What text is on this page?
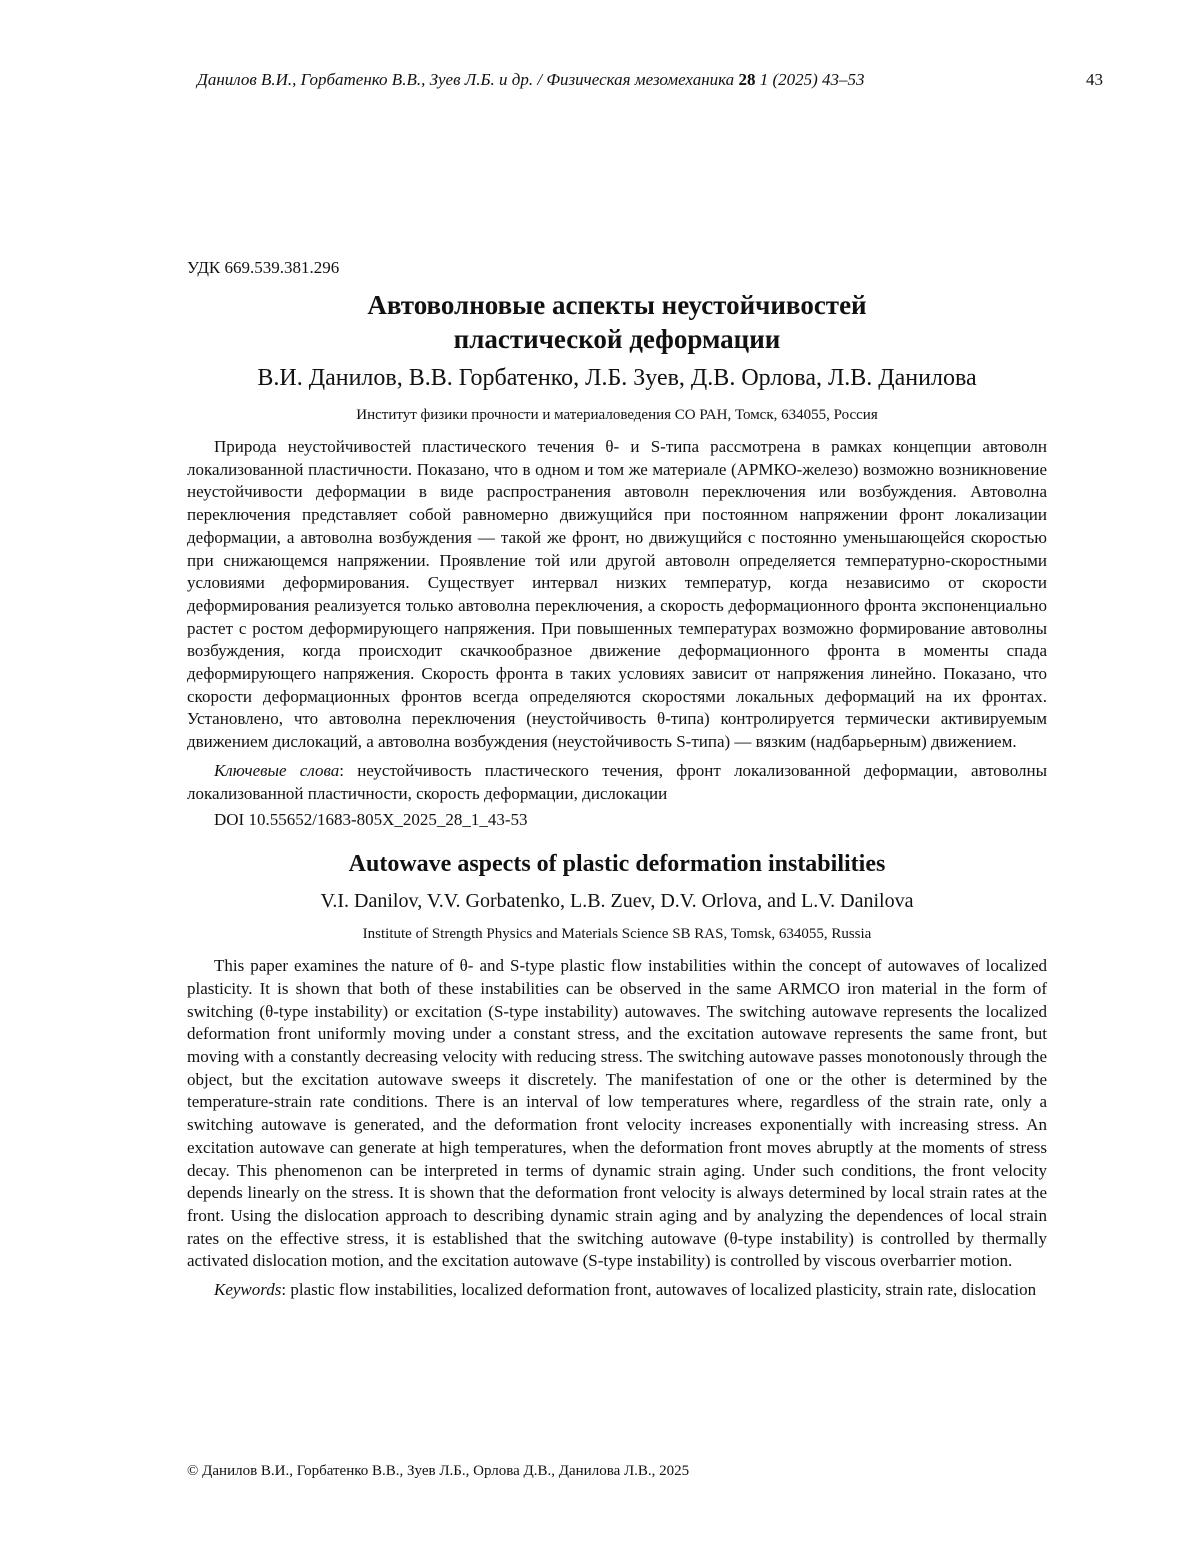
Данилов В.И., Горбатенко В.В., Зуев Л.Б. и др. / Физическая мезомеханика 28 1 (2025) 43–53	43
УДК 669.539.381.296
Автоволновые аспекты неустойчивостей
пластической деформации
В.И. Данилов, В.В. Горбатенко, Л.Б. Зуев, Д.В. Орлова, Л.В. Данилова
Институт физики прочности и материаловедения СО РАН, Томск, 634055, Россия

Природа неустойчивостей пластического течения θ- и S-типа рассмотрена в рамках концепции автоволн локализованной пластичности. Показано, что в одном и том же материале (АРМКО-железо) возможно возникновение неустойчивости деформации в виде распространения автоволн переключения или возбуждения. Автоволна переключения представляет собой равномерно движущийся при постоянном напряжении фронт локализации деформации, а автоволна возбуждения — такой же фронт, но движущийся с постоянно уменьшающейся скоростью при снижающемся напряжении. Проявление той или другой автоволн определяется температурно-скоростными условиями деформирования. Существует интервал низких температур, когда независимо от скорости деформирования реализуется только автоволна переключения, а скорость деформационного фронта экспоненциально растет с ростом деформирующего напряжения. При повышенных температурах возможно формирование автоволны возбуждения, когда происходит скачкообразное движение деформационного фронта в моменты спада деформирующего напряжения. Скорость фронта в таких условиях зависит от напряжения линейно. Показано, что скорости деформационных фронтов всегда определяются скоростями локальных деформаций на их фронтах. Установлено, что автоволна переключения (неустойчивость θ-типа) контролируется термически активируемым движением дислокаций, а автоволна возбуждения (неустойчивость S-типа) — вязким (надбарьерным) движением.

Ключевые слова: неустойчивость пластического течения, фронт локализованной деформации, автоволны локализованной пластичности, скорость деформации, дислокации

DOI 10.55652/1683-805X_2025_28_1_43-53
Autowave aspects of plastic deformation instabilities
V.I. Danilov, V.V. Gorbatenko, L.B. Zuev, D.V. Orlova, and L.V. Danilova
Institute of Strength Physics and Materials Science SB RAS, Tomsk, 634055, Russia

This paper examines the nature of θ- and S-type plastic flow instabilities within the concept of autowaves of localized plasticity. It is shown that both of these instabilities can be observed in the same ARMCO iron material in the form of switching (θ-type instability) or excitation (S-type instability) autowaves. The switching autowave represents the localized deformation front uniformly moving under a constant stress, and the excitation autowave represents the same front, but moving with a constantly decreasing velocity with reducing stress. The switching autowave passes monotonously through the object, but the excitation autowave sweeps it discretely. The manifestation of one or the other is determined by the temperature-strain rate conditions. There is an interval of low temperatures where, regardless of the strain rate, only a switching autowave is generated, and the deformation front velocity increases exponentially with increasing stress. An excitation autowave can generate at high temperatures, when the deformation front moves abruptly at the moments of stress decay. This phenomenon can be interpreted in terms of dynamic strain aging. Under such conditions, the front velocity depends linearly on the stress. It is shown that the deformation front velocity is always determined by local strain rates at the front. Using the dislocation approach to describing dynamic strain aging and by analyzing the dependences of local strain rates on the effective stress, it is established that the switching autowave (θ-type instability) is controlled by thermally activated dislocation motion, and the excitation autowave (S-type instability) is controlled by viscous overbarrier motion.

Keywords: plastic flow instabilities, localized deformation front, autowaves of localized plasticity, strain rate, dislocation

© Данилов В.И., Горбатенко В.В., Зуев Л.Б., Орлова Д.В., Данилова Л.В., 2025
